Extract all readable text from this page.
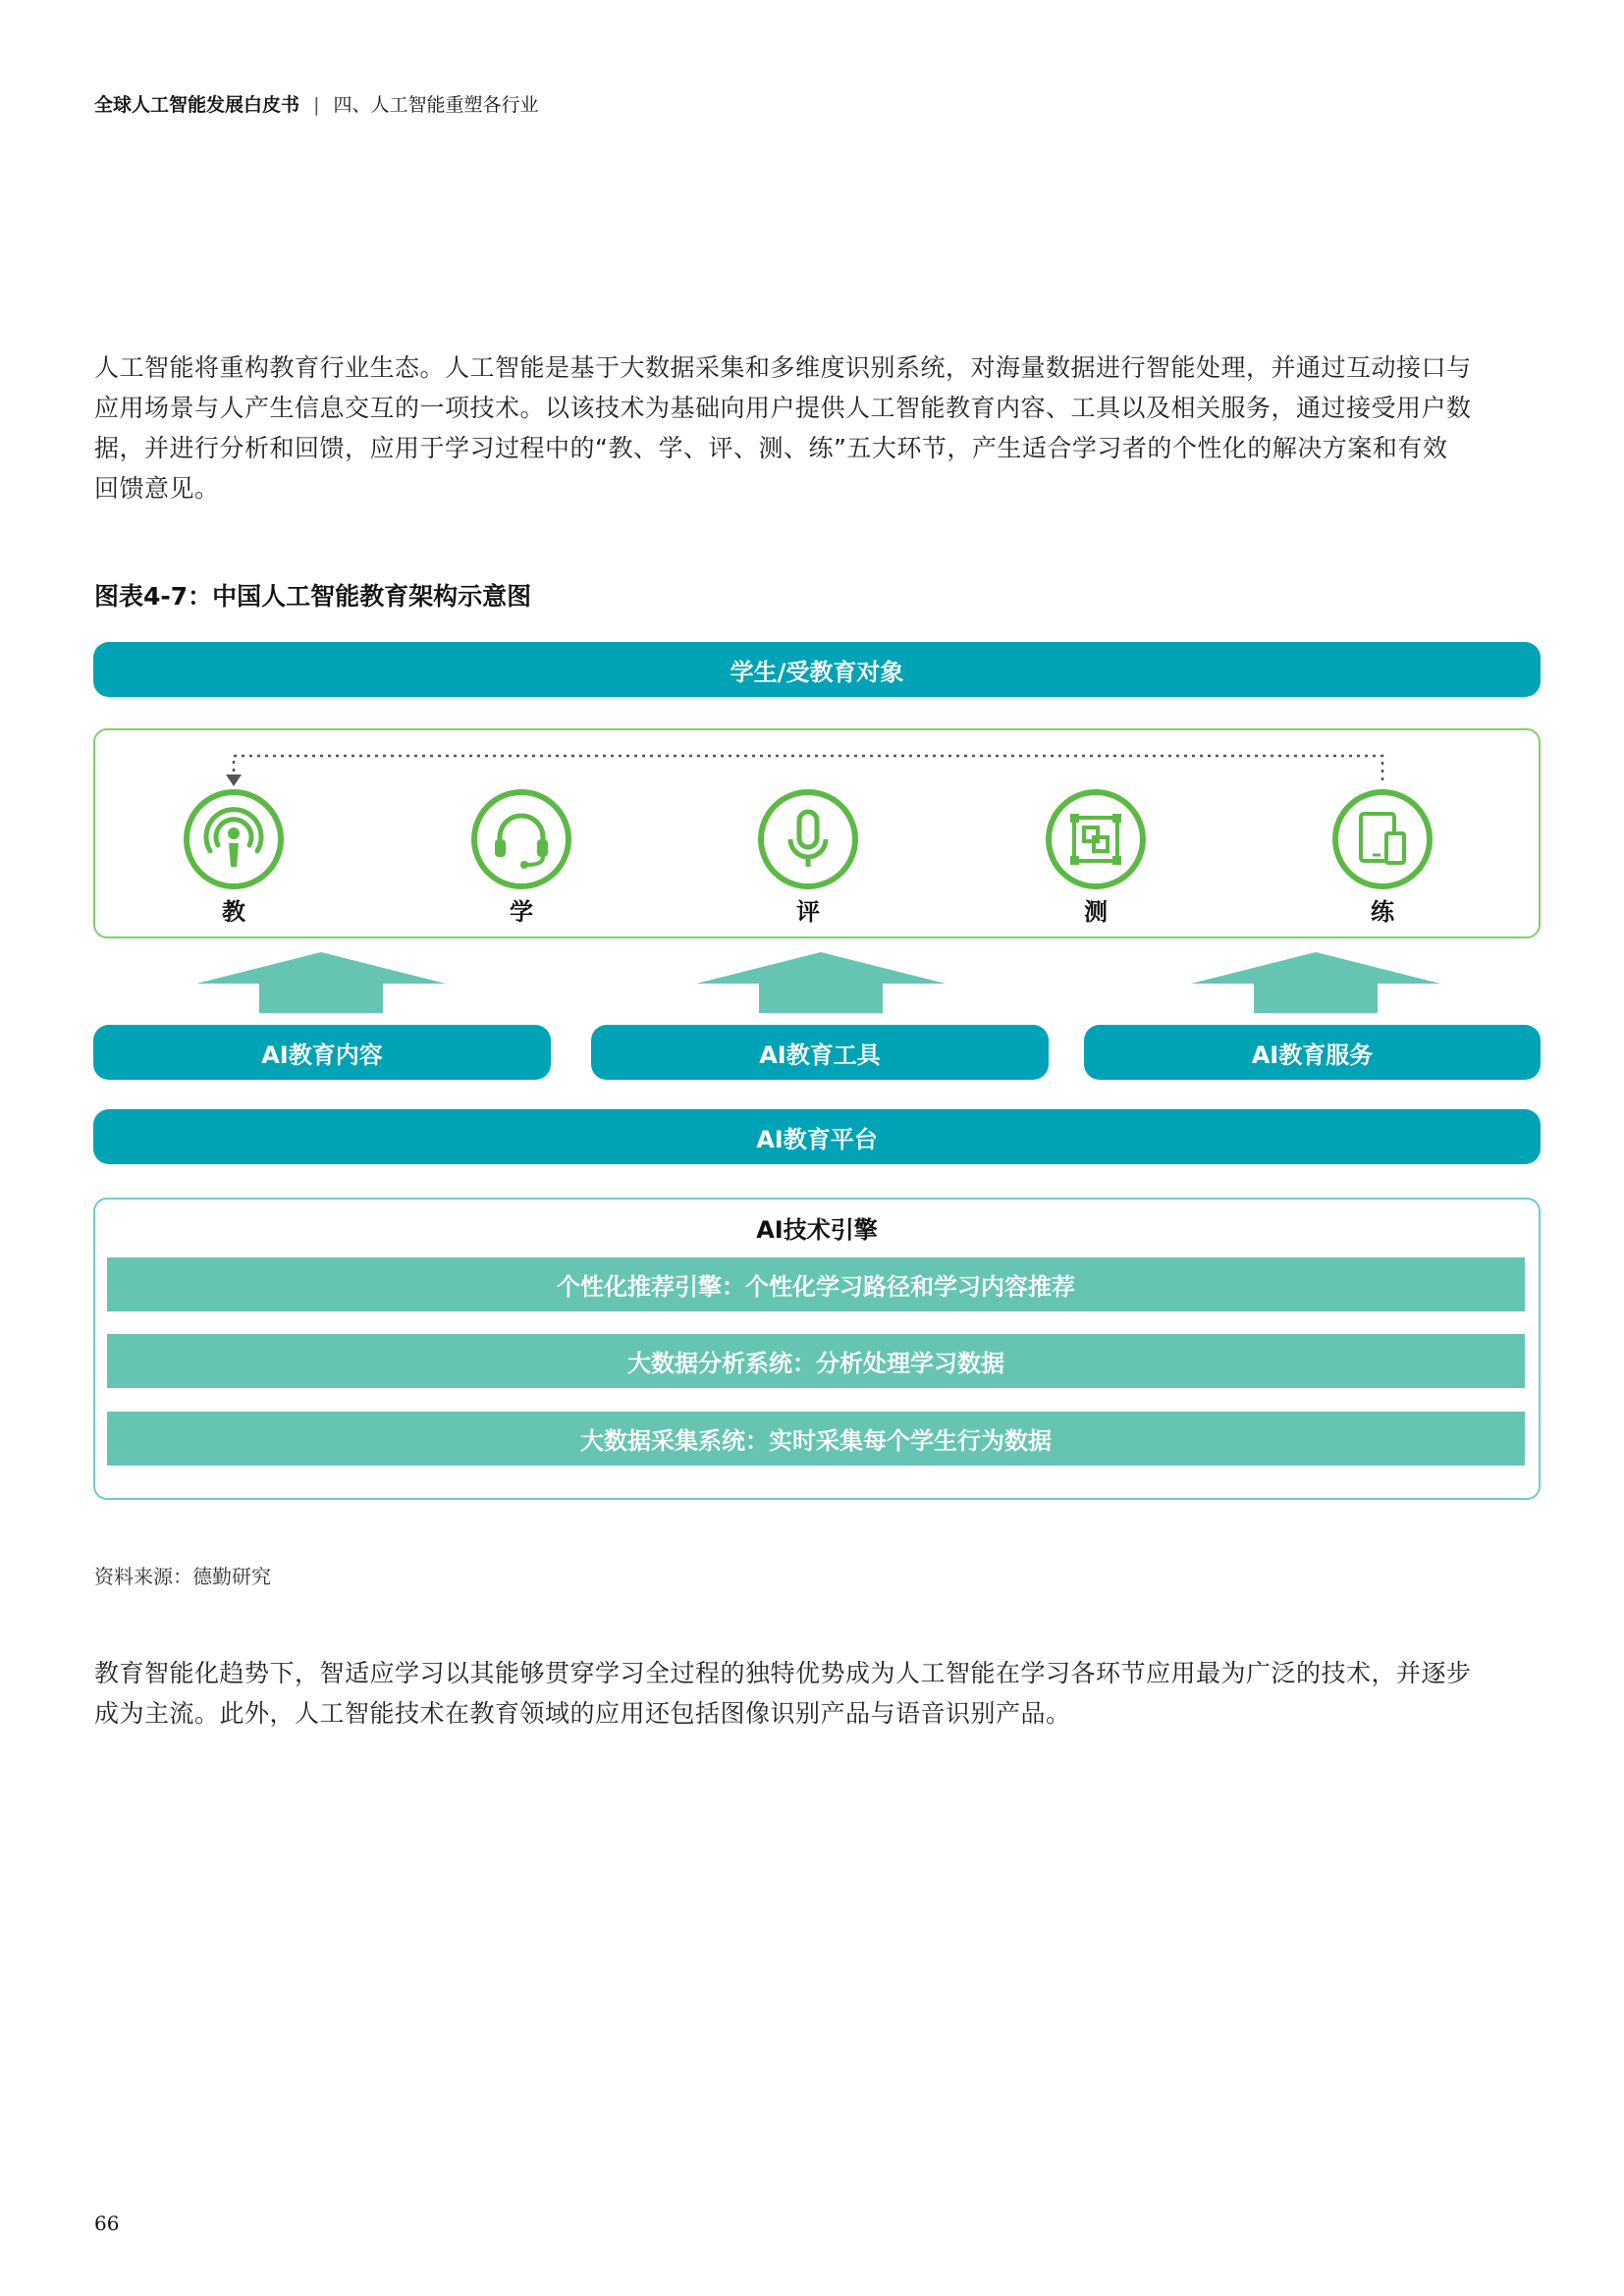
全球人工智能发展白皮书 | 四、人工智能重塑各行业
人工智能将重构教育行业生态。人工智能是基于大数据采集和多维度识别系统，对海量数据进行智能处理，并通过互动接口与
应用场景与人产生信息交互的一项技术。以该技术为基础向用户提供人工智能教育内容、工具以及相关服务，通过接受用户数
据，并进行分析和回馈，应用于学习过程中的“教、学、评、测、练”五大环节，产生适合学习者的个性化的解决方案和有效
回馈意见。
图表4-7：中国人工智能教育架构示意图
学生/受教育对象
教	学	评	测	练
AI教育内容	AI教育工具	AI教育服务
AI教育平台
AI技术引擎
个性化推荐引擎：个性化学习路径和学习内容推荐
大数据分析系统：分析处理学习数据
大数据采集系统：实时采集每个学生行为数据
资料来源：德勤研究
教育智能化趋势下，智适应学习以其能够贯穿学习全过程的独特优势成为人工智能在学习各环节应用最为广泛的技术，并逐步
成为主流。此外，人工智能技术在教育领域的应用还包括图像识别产品与语音识别产品。
66
